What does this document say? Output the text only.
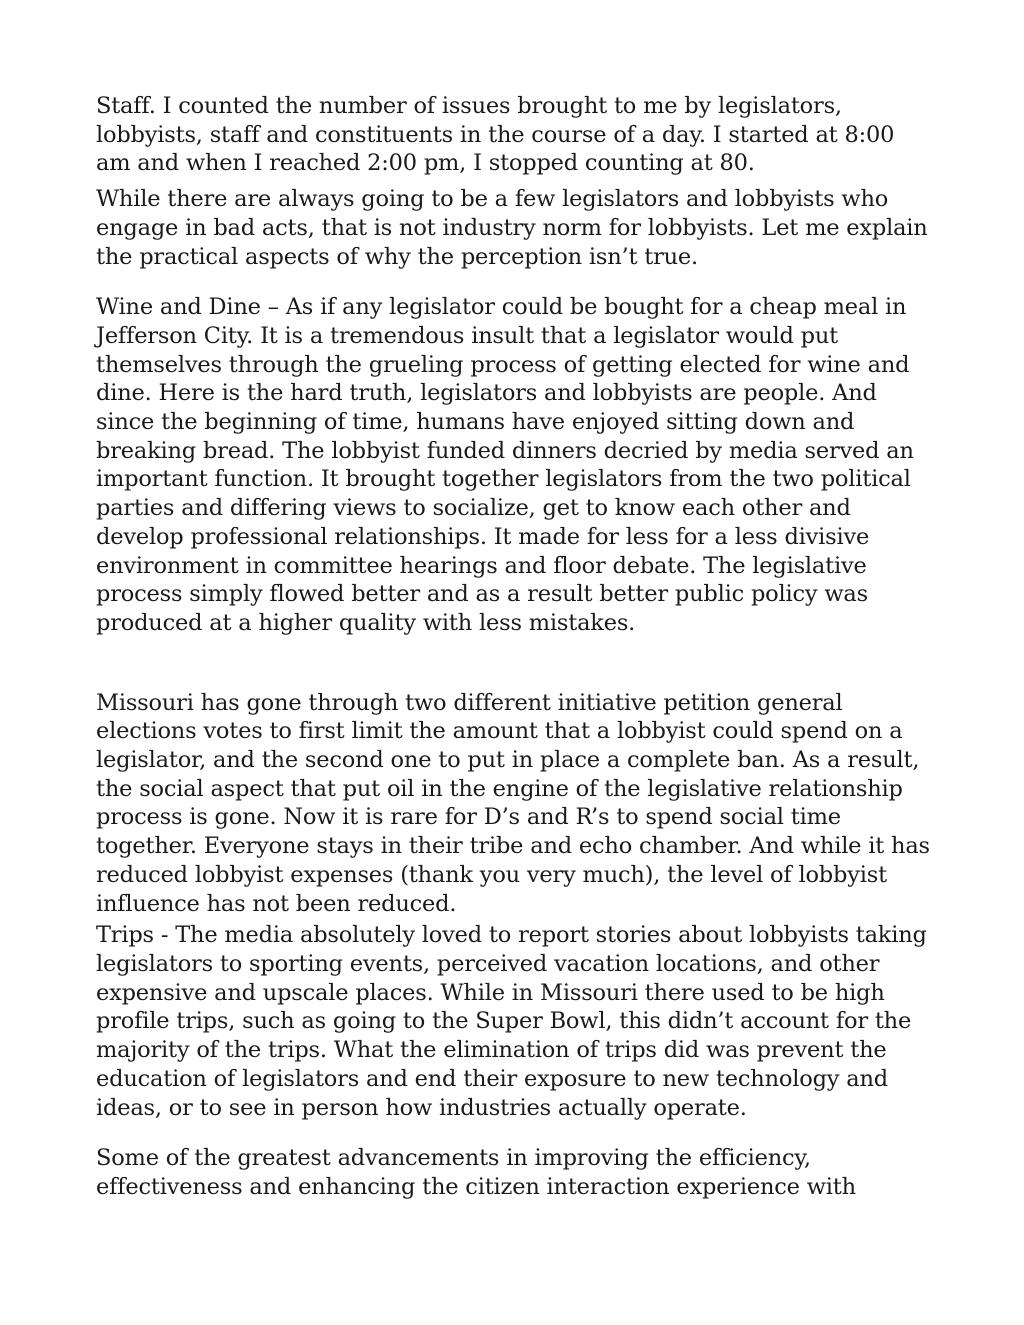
Staff. I counted the number of issues brought to me by legislators, lobbyists, staff and constituents in the course of a day. I started at 8:00 am and when I reached 2:00 pm, I stopped counting at 80.

While there are always going to be a few legislators and lobbyists who engage in bad acts, that is not industry norm for lobbyists. Let me explain the practical aspects of why the perception isn’t true.

Wine and Dine – As if any legislator could be bought for a cheap meal in Jefferson City. It is a tremendous insult that a legislator would put themselves through the grueling process of getting elected for wine and dine. Here is the hard truth, legislators and lobbyists are people. And since the beginning of time, humans have enjoyed sitting down and breaking bread. The lobbyist funded dinners decried by media served an important function. It brought together legislators from the two political parties and differing views to socialize, get to know each other and develop professional relationships. It made for less for a less divisive environment in committee hearings and floor debate. The legislative process simply flowed better and as a result better public policy was produced at a higher quality with less mistakes.

Missouri has gone through two different initiative petition general elections votes to first limit the amount that a lobbyist could spend on a legislator, and the second one to put in place a complete ban. As a result, the social aspect that put oil in the engine of the legislative relationship process is gone. Now it is rare for D’s and R’s to spend social time together. Everyone stays in their tribe and echo chamber. And while it has reduced lobbyist expenses (thank you very much), the level of lobbyist influence has not been reduced.

Trips - The media absolutely loved to report stories about lobbyists taking legislators to sporting events, perceived vacation locations, and other expensive and upscale places. While in Missouri there used to be high profile trips, such as going to the Super Bowl, this didn’t account for the majority of the trips. What the elimination of trips did was prevent the education of legislators and end their exposure to new technology and ideas, or to see in person how industries actually operate.

Some of the greatest advancements in improving the efficiency, effectiveness and enhancing the citizen interaction experience with
